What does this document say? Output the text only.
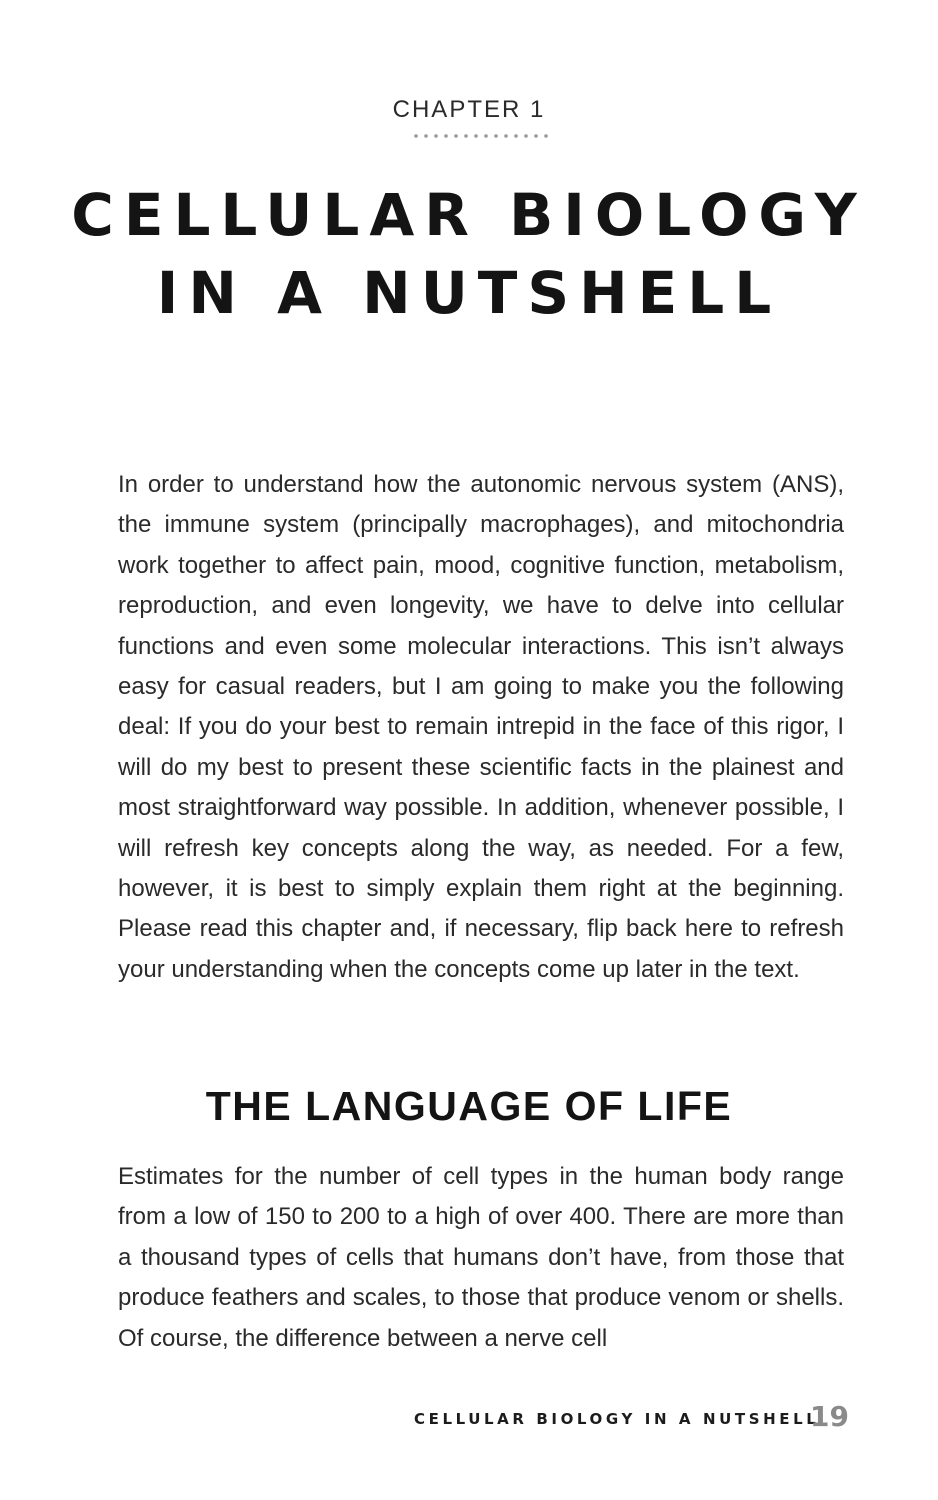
CHAPTER 1
CELLULAR BIOLOGY
IN A NUTSHELL

In order to understand how the autonomic nervous system (ANS), the immune system (principally macrophages), and mitochondria work together to affect pain, mood, cognitive function, metabolism, reproduction, and even longevity, we have to delve into cellular functions and even some molecular interactions. This isn’t always easy for casual readers, but I am going to make you the following deal: If you do your best to remain intrepid in the face of this rigor, I will do my best to present these scientific facts in the plainest and most straightforward way possible. In addition, whenever possible, I will refresh key concepts along the way, as needed. For a few, however, it is best to simply explain them right at the beginning. Please read this chapter and, if necessary, flip back here to refresh your understanding when the concepts come up later in the text.

THE LANGUAGE OF LIFE

Estimates for the number of cell types in the human body range from a low of 150 to 200 to a high of over 400. There are more than a thousand types of cells that humans don’t have, from those that produce feathers and scales, to those that produce venom or shells. Of course, the difference between a nerve cell

CELLULAR BIOLOGY IN A NUTSHELL
19
